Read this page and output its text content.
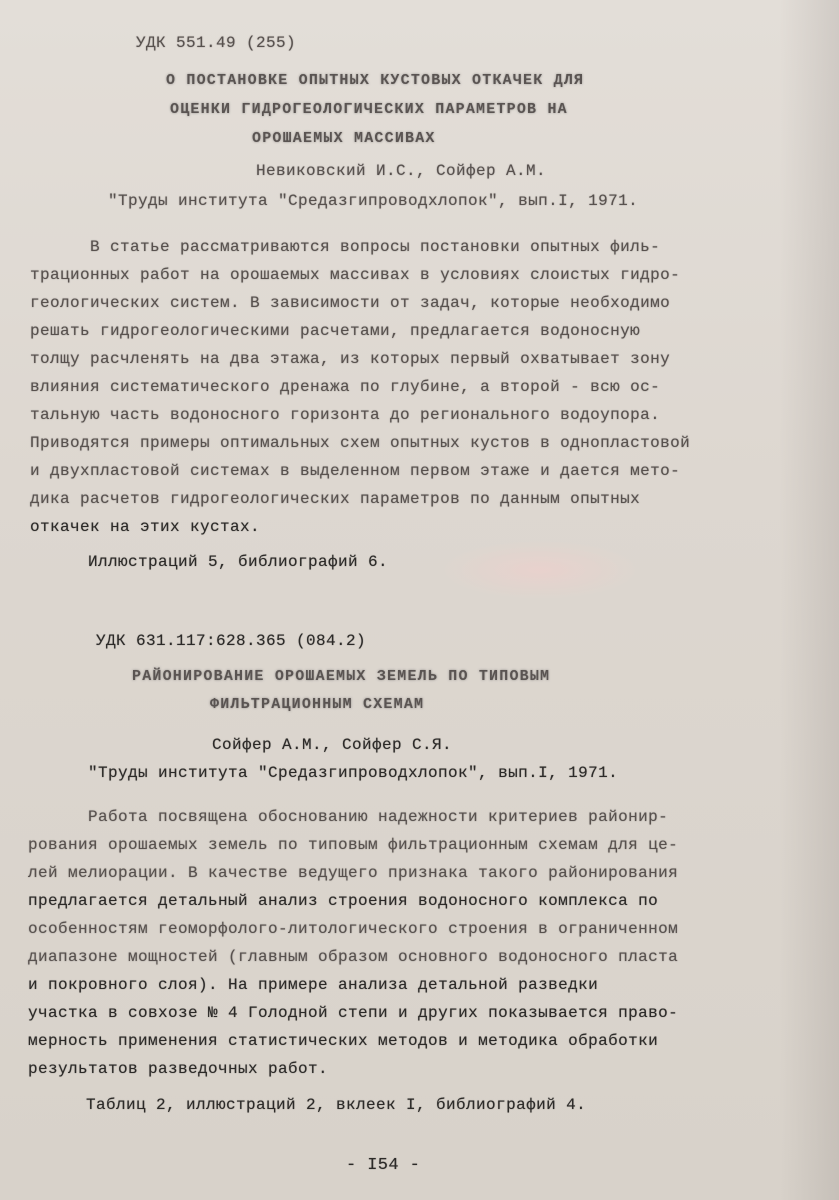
УДК 551.49 (255)
О ПОСТАНОВКЕ ОПЫТНЫХ КУСТОВЫХ ОТКАЧЕК ДЛЯ
ОЦЕНКИ ГИДРОГЕОЛОГИЧЕСКИХ ПАРАМЕТРОВ НА
ОРОШАЕМЫХ МАССИВАХ
Невиковский И.С., Сойфер А.М.
"Труды института "Средазгипроводхлопок", вып.I, 1971.
В статье рассматриваются вопросы постановки опытных филь-
трационных работ на орошаемых массивах в условиях слоистых гидро-
геологических систем. В зависимости от задач, которые необходимо
решать гидрогеологическими расчетами, предлагается водоносную
толщу расчленять на два этажа, из которых первый охватывает зону
влияния систематического дренажа по глубине, а второй - всю ос-
тальную часть водоносного горизонта до регионального водоупора.
Приводятся примеры оптимальных схем опытных кустов в однопластовой
и двухпластовой системах в выделенном первом этаже и дается мето-
дика расчетов гидрогеологических параметров по данным опытных
откачек на этих кустах.
Иллюстраций 5, библиографий 6.
УДК 631.117:628.365 (084.2)
РАЙОНИРОВАНИЕ ОРОШАЕМЫХ ЗЕМЕЛЬ ПО ТИПОВЫМ
ФИЛЬТРАЦИОННЫМ СХЕМАМ
Сойфер А.М., Сойфер С.Я.
"Труды института "Средазгипроводхлопок", вып.I, 1971.
Работа посвящена обоснованию надежности критериев районир-
рования орошаемых земель по типовым фильтрационным схемам для це-
лей мелиорации. В качестве ведущего признака такого районирования
предлагается детальный анализ строения водоносного комплекса по
особенностям геоморфолого-литологического строения в ограниченном
диапазоне мощностей (главным образом основного водоносного пласта
и покровного слоя). На примере анализа детальной разведки
участка в совхозе № 4 Голодной степи и других показывается право-
мерность применения статистических методов и методика обработки
результатов разведочных работ.
Таблиц 2, иллюстраций 2, вклеек I, библиографий 4.
- I54 -
